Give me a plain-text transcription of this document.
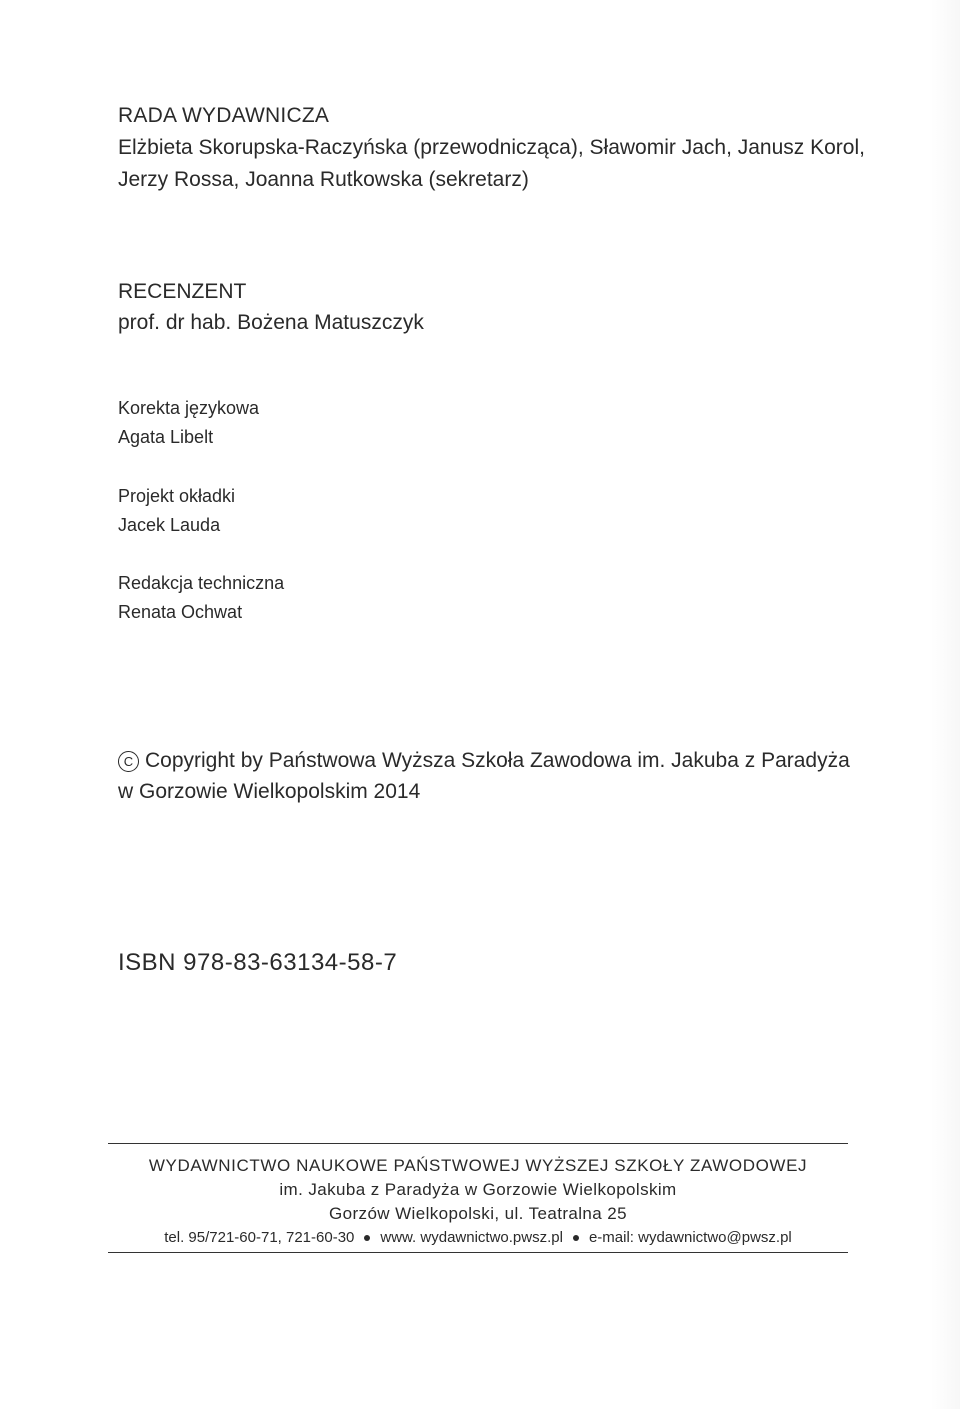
RADA WYDAWNICZA
Elżbieta Skorupska-Raczyńska (przewodnicząca), Sławomir Jach, Janusz Korol,
Jerzy Rossa, Joanna Rutkowska (sekretarz)
RECENZENT
prof. dr hab. Bożena Matuszczyk
Korekta językowa
Agata Libelt
Projekt okładki
Jacek Lauda
Redakcja techniczna
Renata Ochwat
C Copyright by Państwowa Wyższa Szkoła Zawodowa im. Jakuba z Paradyża
w Gorzowie Wielkopolskim 2014
ISBN 978-83-63134-58-7
WYDAWNICTWO NAUKOWE PAŃSTWOWEJ WYŻSZEJ SZKOŁY ZAWODOWEJ
im. Jakuba z Paradyża w Gorzowie Wielkopolskim
Gorzów Wielkopolski, ul. Teatralna 25
tel. 95/721-60-71, 721-60-30 www. wydawnictwo.pwsz.pl e-mail: wydawnictwo@pwsz.pl
